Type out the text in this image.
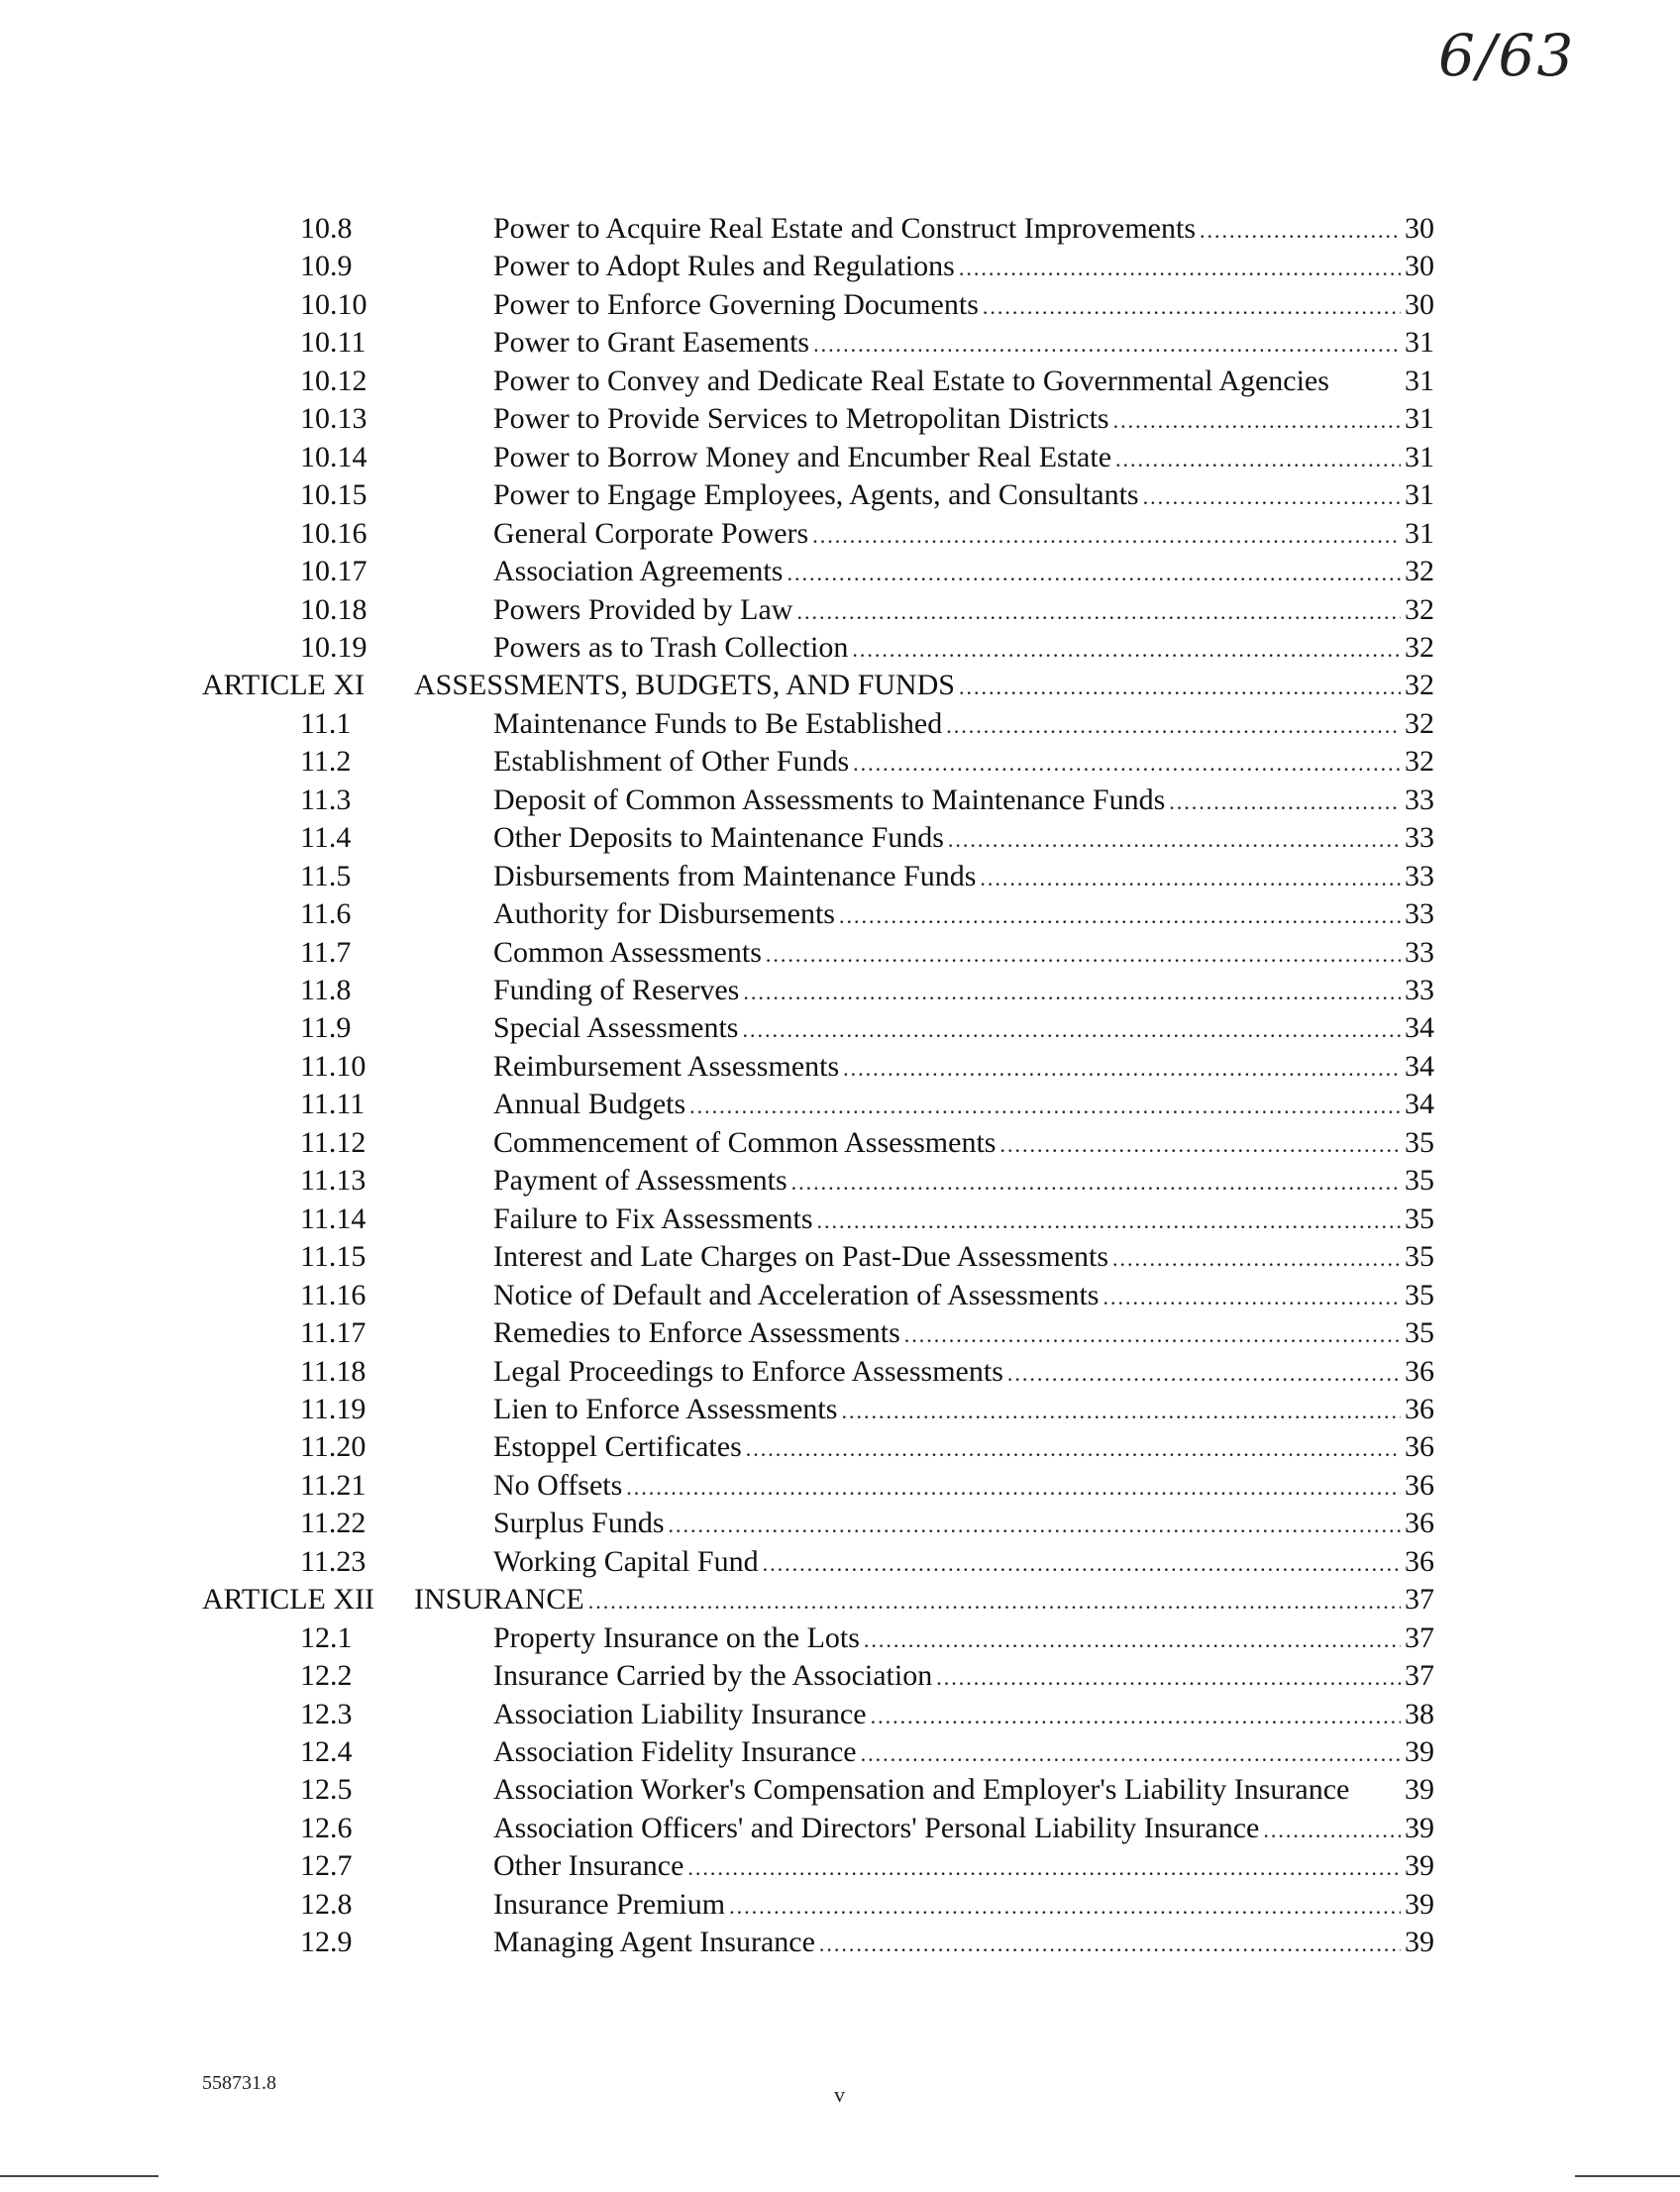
6/63
10.8	Power to Acquire Real Estate and Construct Improvements .....	30
10.9	Power to Adopt Rules and Regulations .....	30
10.10	Power to Enforce Governing Documents .....	30
10.11	Power to Grant Easements .....	31
10.12	Power to Convey and Dedicate Real Estate to Governmental Agencies	31
10.13	Power to Provide Services to Metropolitan Districts .....	31
10.14	Power to Borrow Money and Encumber Real Estate .....	31
10.15	Power to Engage Employees, Agents, and Consultants .....	31
10.16	General Corporate Powers .....	31
10.17	Association Agreements .....	32
10.18	Powers Provided by Law .....	32
10.19	Powers as to Trash Collection .....	32
ARTICLE XI ASSESSMENTS, BUDGETS, AND FUNDS .....	32
11.1	Maintenance Funds to Be Established .....	32
11.2	Establishment of Other Funds .....	32
11.3	Deposit of Common Assessments to Maintenance Funds .....	33
11.4	Other Deposits to Maintenance Funds .....	33
11.5	Disbursements from Maintenance Funds .....	33
11.6	Authority for Disbursements .....	33
11.7	Common Assessments .....	33
11.8	Funding of Reserves .....	33
11.9	Special Assessments .....	34
11.10	Reimbursement Assessments .....	34
11.11	Annual Budgets .....	34
11.12	Commencement of Common Assessments .....	35
11.13	Payment of Assessments .....	35
11.14	Failure to Fix Assessments .....	35
11.15	Interest and Late Charges on Past-Due Assessments .....	35
11.16	Notice of Default and Acceleration of Assessments .....	35
11.17	Remedies to Enforce Assessments .....	35
11.18	Legal Proceedings to Enforce Assessments .....	36
11.19	Lien to Enforce Assessments .....	36
11.20	Estoppel Certificates .....	36
11.21	No Offsets .....	36
11.22	Surplus Funds .....	36
11.23	Working Capital Fund .....	36
ARTICLE XII INSURANCE .....	37
12.1	Property Insurance on the Lots .....	37
12.2	Insurance Carried by the Association .....	37
12.3	Association Liability Insurance .....	38
12.4	Association Fidelity Insurance .....	39
12.5	Association Worker's Compensation and Employer's Liability Insurance	39
12.6	Association Officers' and Directors' Personal Liability Insurance .....	39
12.7	Other Insurance .....	39
12.8	Insurance Premium .....	39
12.9	Managing Agent Insurance .....	39
558731.8	v
